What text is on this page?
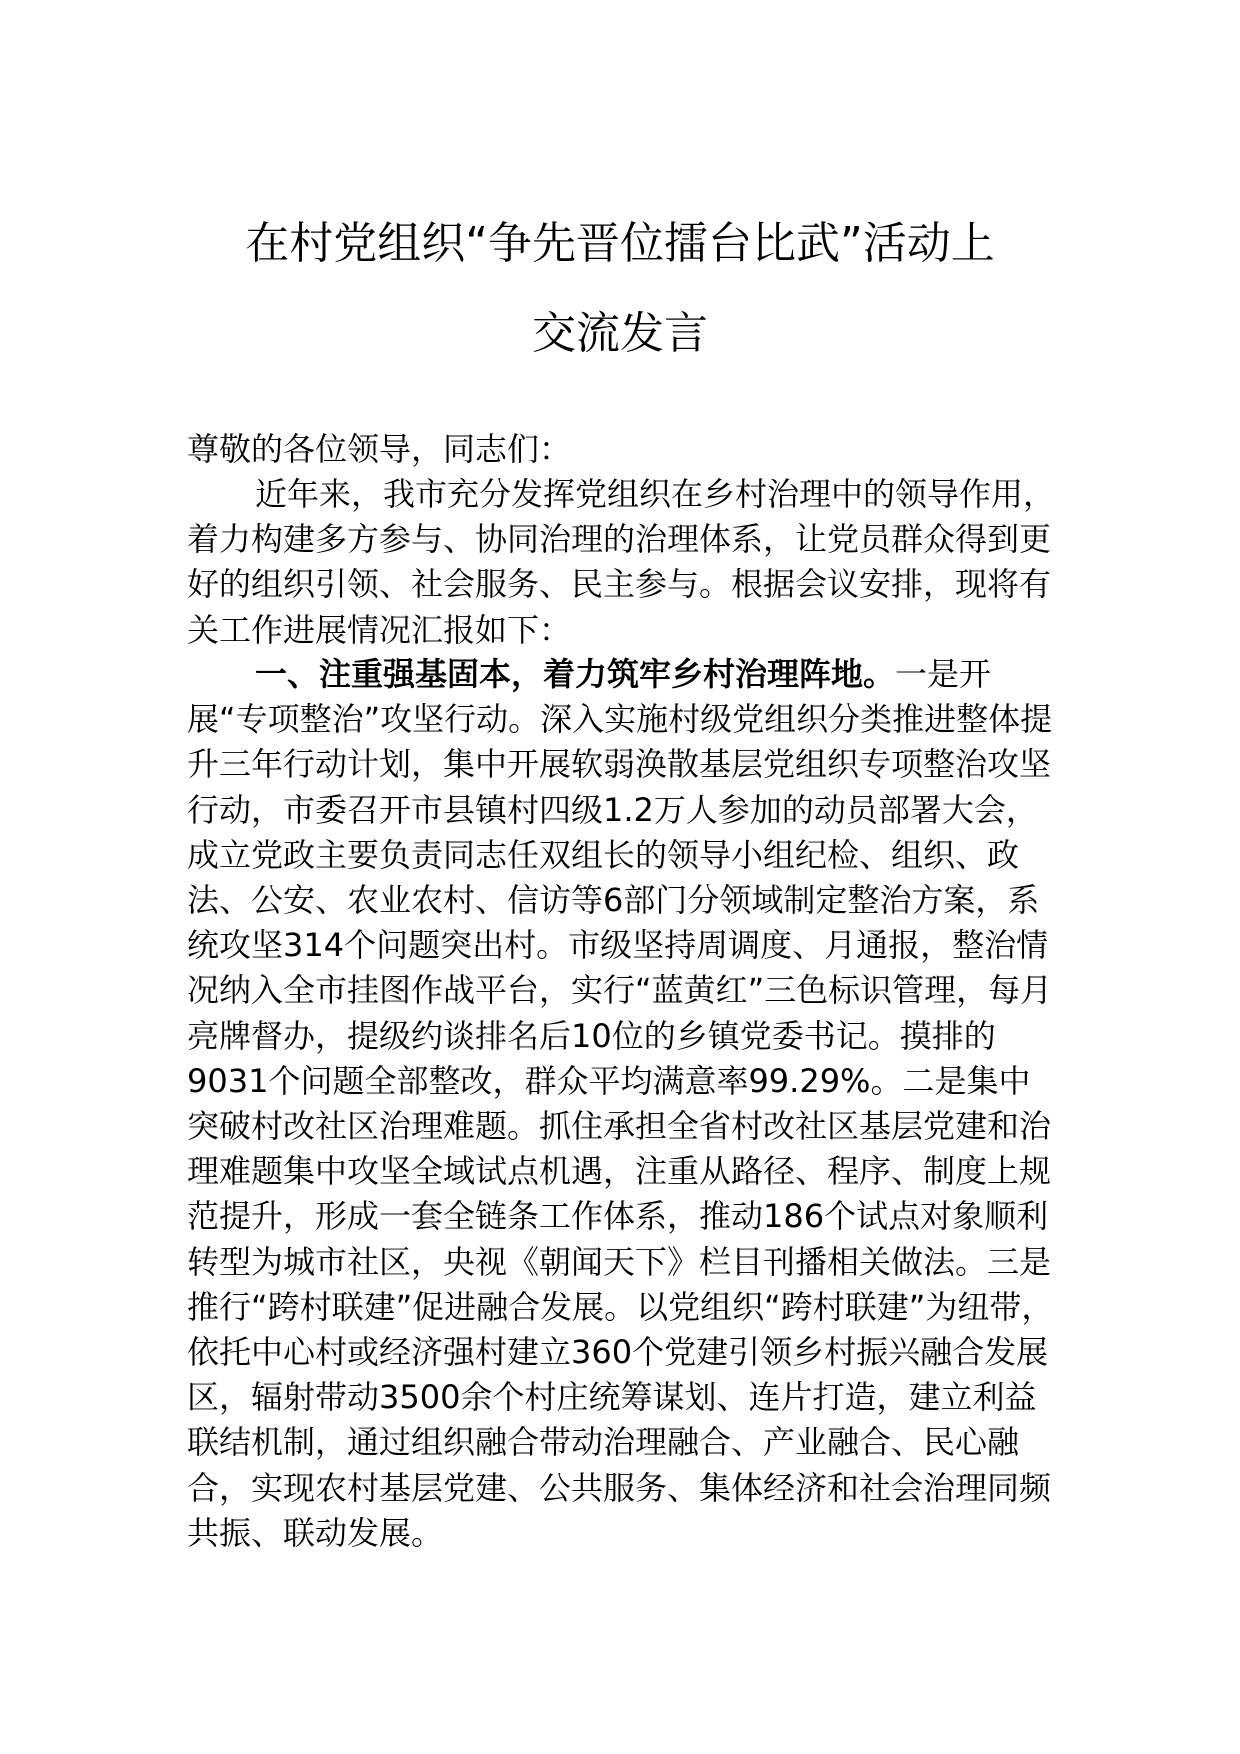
在村党组织“争先晋位擂台比武”活动上
交流发言

尊敬的各位领导，同志们：

近年来，我市充分发挥党组织在乡村治理中的领导作用，着力构建多方参与、协同治理的治理体系，让党员群众得到更好的组织引领、社会服务、民主参与。根据会议安排，现将有关工作进展情况汇报如下：

一、注重强基固本，着力筑牢乡村治理阵地。一是开展“专项整治”攻坚行动。深入实施村级党组织分类推进整体提升三年行动计划，集中开展软弱涣散基层党组织专项整治攻坚行动，市委召开市县镇村四级1.2万人参加的动员部署大会，成立党政主要负责同志任双组长的领导小组纪检、组织、政法、公安、农业农村、信访等6部门分领域制定整治方案，系统攻坚314个问题突出村。市级坚持周调度、月通报，整治情况纳入全市挂图作战平台，实行“蓝黄红”三色标识管理，每月亮牌督办，提级约谈排名后10位的乡镇党委书记。摸排的9031个问题全部整改，群众平均满意率99.29%。二是集中突破村改社区治理难题。抓住承担全省村改社区基层党建和治理难题集中攻坚全域试点机遇，注重从路径、程序、制度上规范提升，形成一套全链条工作体系，推动186个试点对象顺利转型为城市社区，央视《朝闻天下》栏目刊播相关做法。三是推行“跨村联建”促进融合发展。以党组织“跨村联建”为纽带，依托中心村或经济强村建立360个党建引领乡村振兴融合发展区，辐射带动3500余个村庄统筹谋划、连片打造，建立利益联结机制，通过组织融合带动治理融合、产业融合、民心融合，实现农村基层党建、公共服务、集体经济和社会治理同频共振、联动发展。
